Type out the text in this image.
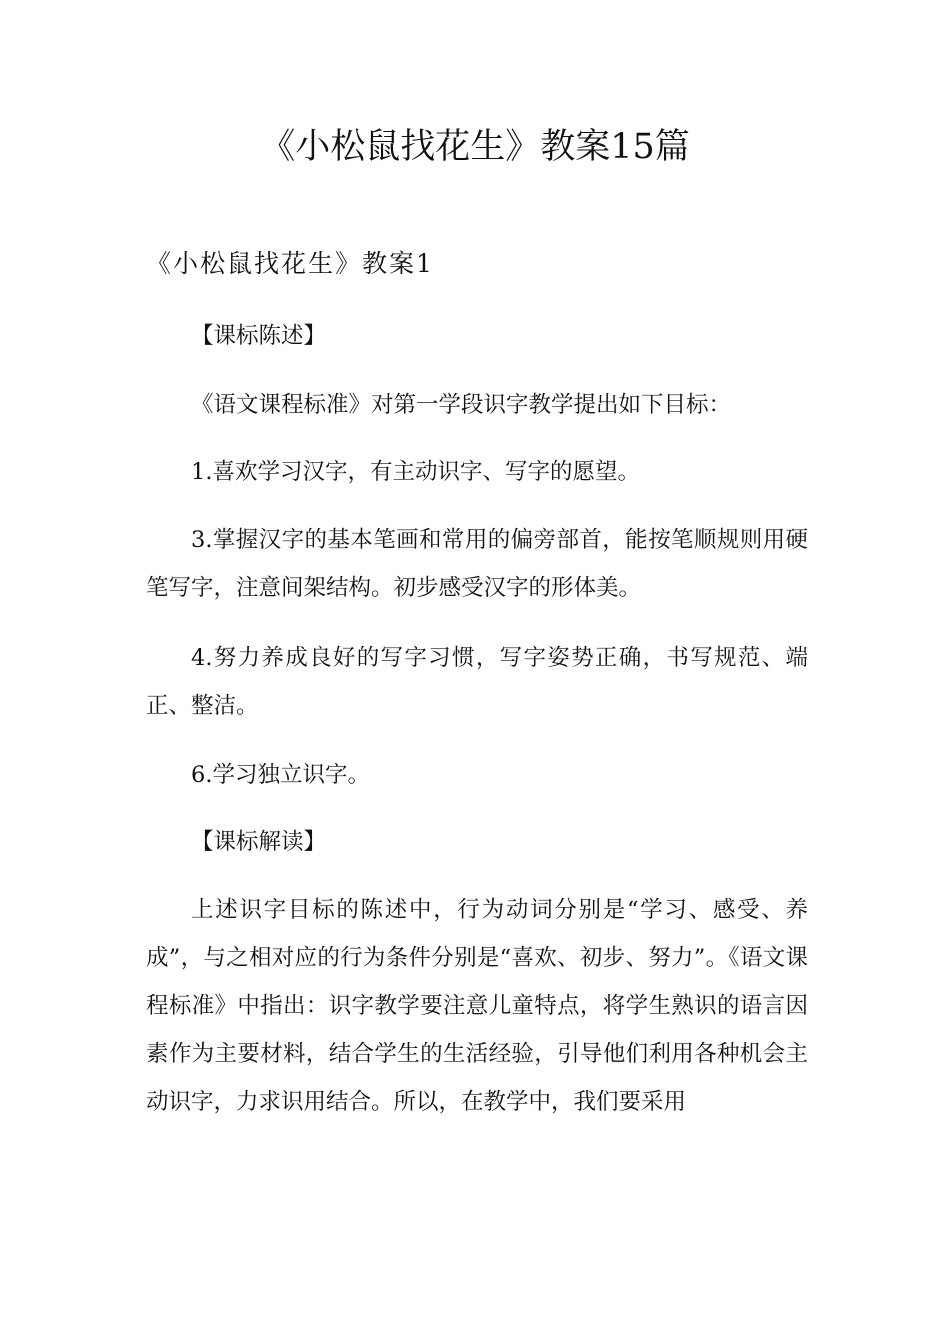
《小松鼠找花生》教案15篇
《小松鼠找花生》教案1

【课标陈述】

《语文课程标准》对第一学段识字教学提出如下目标：

1.喜欢学习汉字，有主动识字、写字的愿望。

3.掌握汉字的基本笔画和常用的偏旁部首，能按笔顺规则用硬笔写字，注意间架结构。初步感受汉字的形体美。

4.努力养成良好的写字习惯，写字姿势正确，书写规范、端正、整洁。

6.学习独立识字。

【课标解读】

上述识字目标的陈述中，行为动词分别是“学习、感受、养成”，与之相对应的行为条件分别是“喜欢、初步、努力”。《语文课程标准》中指出：识字教学要注意儿童特点，将学生熟识的语言因素作为主要材料，结合学生的生活经验，引导他们利用各种机会主动识字，力求识用结合。所以，在教学中，我们要采用
